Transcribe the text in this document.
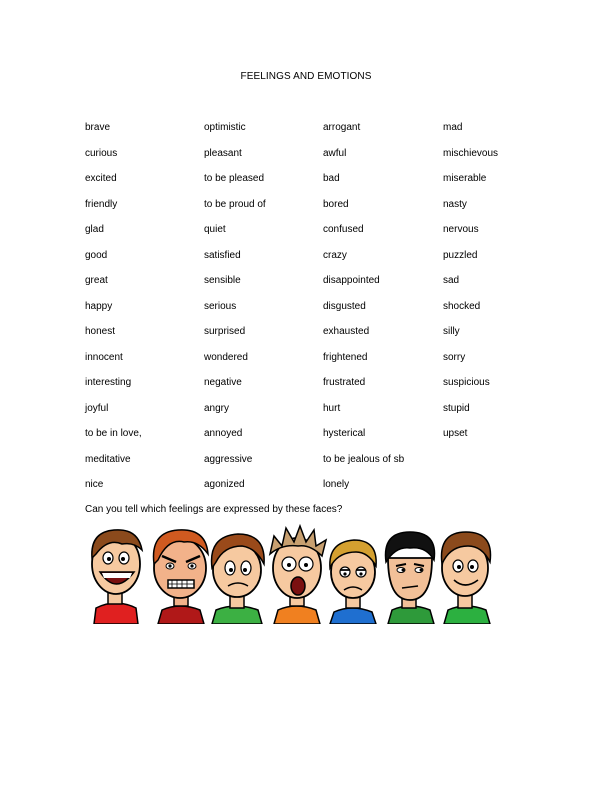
FEELINGS AND EMOTIONS
brave
curious
excited
friendly
glad
good
great
happy
honest
innocent
interesting
joyful
to be in love,
meditative
nice
optimistic
pleasant
to be pleased
to be proud of
quiet
satisfied
sensible
serious
surprised
wondered
negative
angry
annoyed
aggressive
agonized
arrogant
awful
bad
bored
confused
crazy
disappointed
disgusted
exhausted
frightened
frustrated
hurt
hysterical
to be jealous of sb
lonely
mad
mischievous
miserable
nasty
nervous
puzzled
sad
shocked
silly
sorry
suspicious
stupid
upset
Can you tell which feelings are expressed by these faces?
